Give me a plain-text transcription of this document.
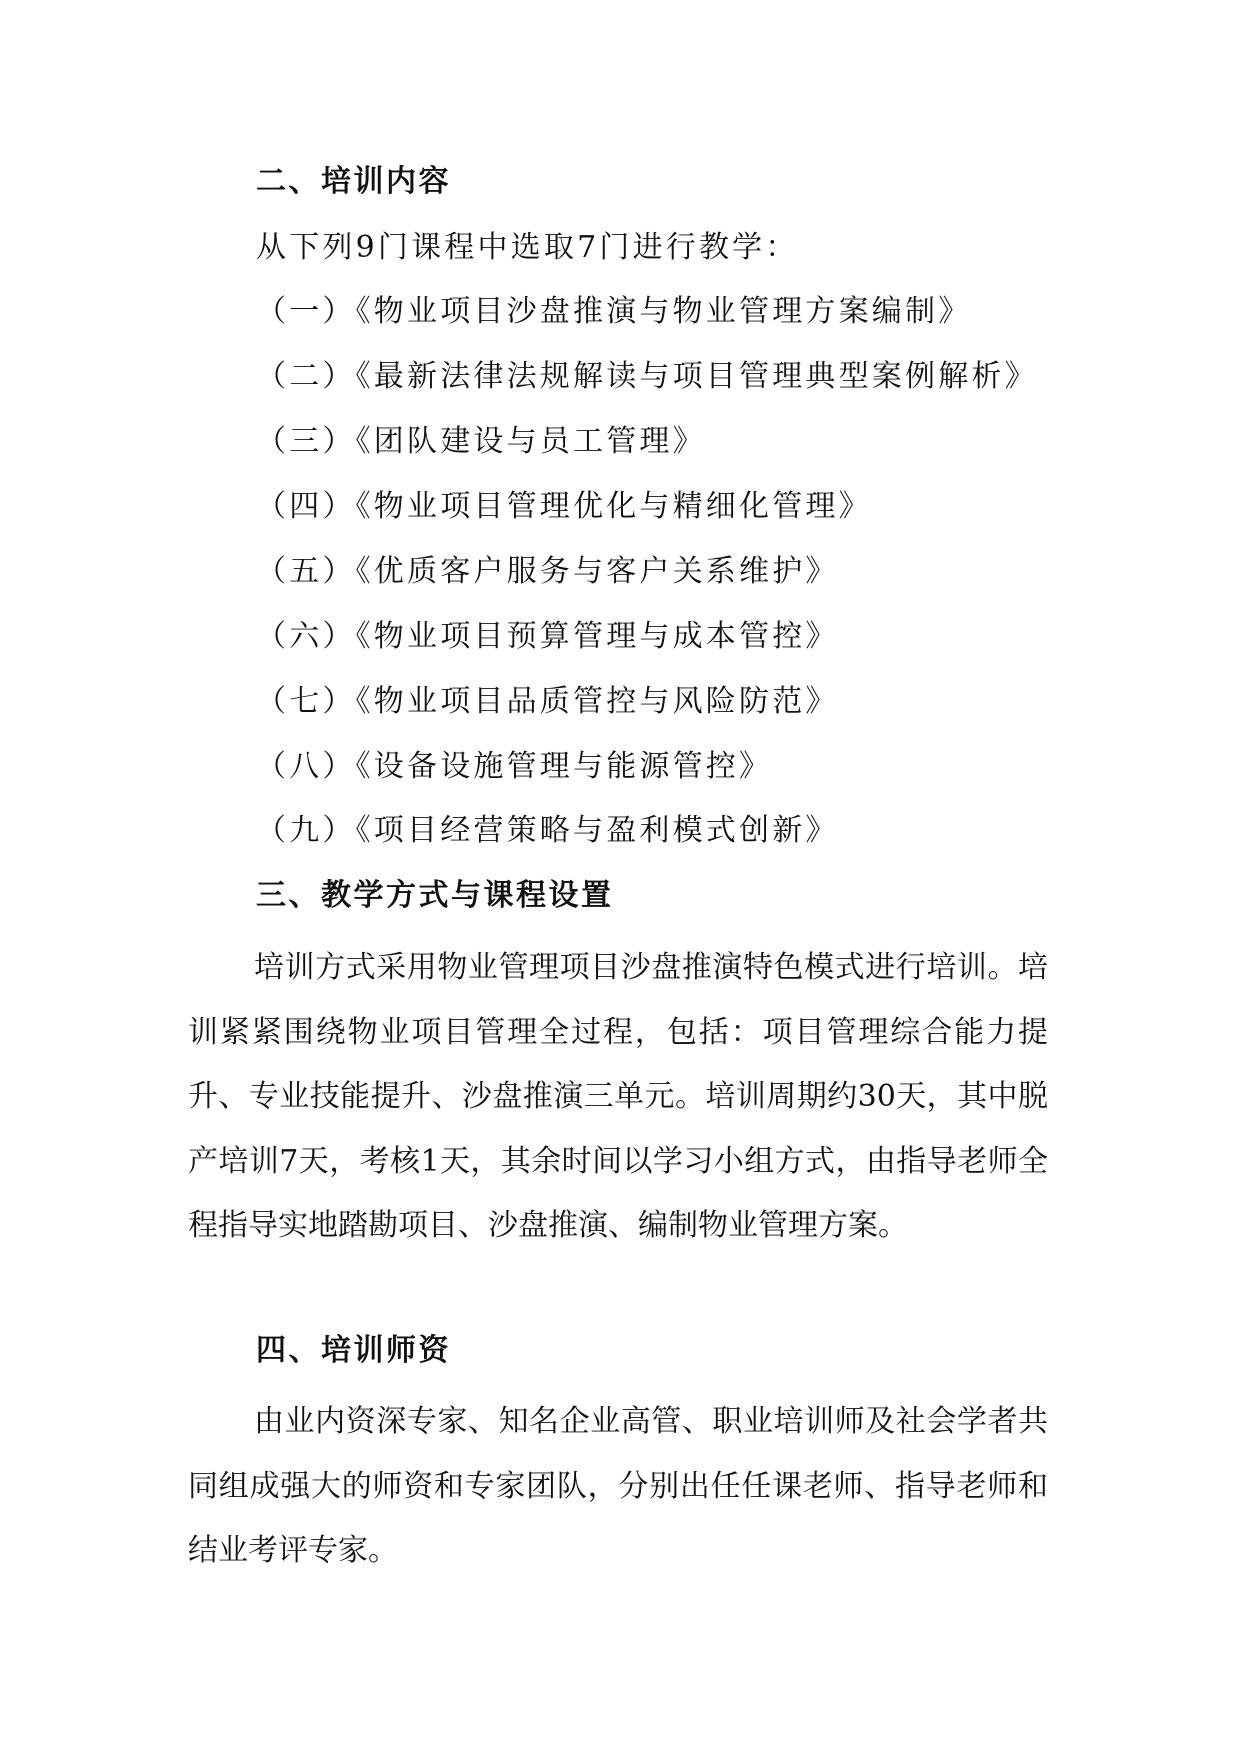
二、培训内容
从下列9门课程中选取7门进行教学：
（一）《物业项目沙盘推演与物业管理方案编制》
（二）《最新法律法规解读与项目管理典型案例解析》
（三）《团队建设与员工管理》
（四）《物业项目管理优化与精细化管理》
（五）《优质客户服务与客户关系维护》
（六）《物业项目预算管理与成本管控》
（七）《物业项目品质管控与风险防范》
（八）《设备设施管理与能源管控》
（九）《项目经营策略与盈利模式创新》
三、教学方式与课程设置
培训方式采用物业管理项目沙盘推演特色模式进行培训。培训紧紧围绕物业项目管理全过程，包括：项目管理综合能力提升、专业技能提升、沙盘推演三单元。培训周期约30天，其中脱产培训7天，考核1天，其余时间以学习小组方式，由指导老师全程指导实地踏勘项目、沙盘推演、编制物业管理方案。
四、培训师资
由业内资深专家、知名企业高管、职业培训师及社会学者共同组成强大的师资和专家团队，分别出任任课老师、指导老师和结业考评专家。
